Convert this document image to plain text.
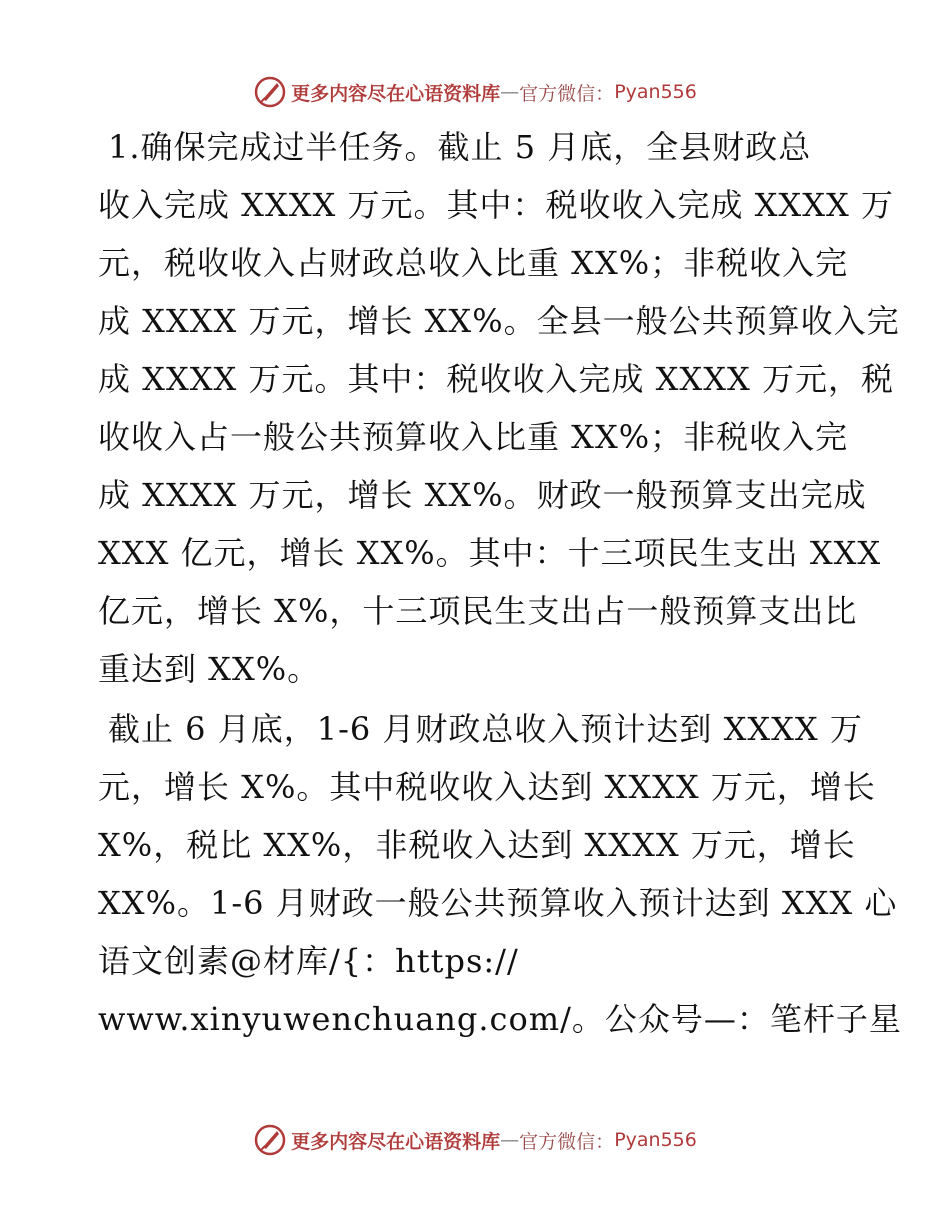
更多内容尽在心语资料库 — 官方微信： Pyan556
1.确保完成过半任务。截止 5 月底，全县财政总
收入完成 XXXX 万元。其中：税收收入完成 XXXX 万
元，税收收入占财政总收入比重 XX%；非税收入完
成 XXXX 万元，增长 XX%。全县一般公共预算收入完
成 XXXX 万元。其中：税收收入完成 XXXX 万元，税
收收入占一般公共预算收入比重 XX%；非税收入完
成 XXXX 万元，增长 XX%。财政一般预算支出完成
XXX 亿元，增长 XX%。其中：十三项民生支出 XXX
亿元，增长 X%，十三项民生支出占一般预算支出比
重达到 XX%。
截止 6 月底，1-6 月财政总收入预计达到 XXXX 万
元，增长 X%。其中税收收入达到 XXXX 万元，增长
X%，税比 XX%，非税收入达到 XXXX 万元，增长
XX%。1-6 月财政一般公共预算收入预计达到 XXX 心
语文创素@材库/{：https://
www.xinyuwenchuang.com/。公众号—：笔杆子星
更多内容尽在心语资料库 — 官方微信： Pyan556
